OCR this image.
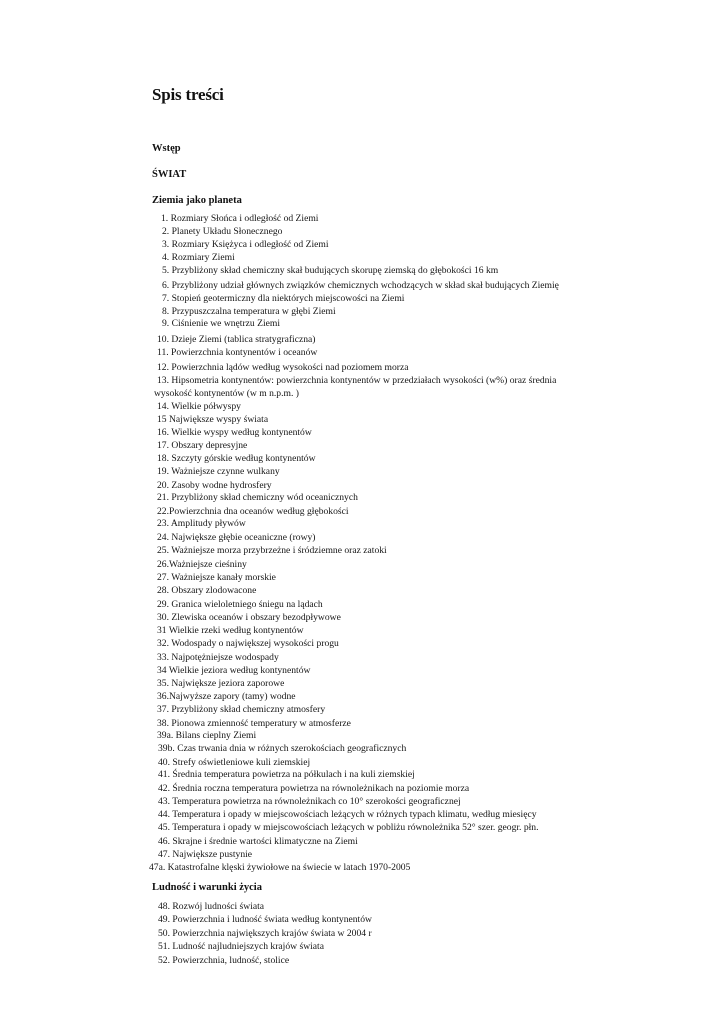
Spis treści
Wstęp
ŚWIAT
Ziemia jako planeta
1. Rozmiary Słońca i odległość od Ziemi
2. Planety Układu Słonecznego
3. Rozmiary Księżyca i odległość od Ziemi
4. Rozmiary Ziemi
5. Przybliżony skład chemiczny skał budujących skorupę ziemską do głębokości 16 km
6. Przybliżony udział głównych związków chemicznych wchodzących w skład skał budujących Ziemię
7. Stopień geotermiczny dla niektórych miejscowości na Ziemi
8. Przypuszczalna temperatura w głębi Ziemi
9. Ciśnienie we wnętrzu Ziemi
10. Dzieje Ziemi (tablica stratygraficzna)
11. Powierzchnia kontynentów i oceanów
12. Powierzchnia lądów według wysokości nad poziomem morza
13. Hipsometria kontynentów: powierzchnia kontynentów w przedziałach wysokości (w%) oraz średnia
wysokość kontynentów (w m n.p.m. )
14. Wielkie półwyspy
15 Największe wyspy świata
16. Wielkie wyspy według kontynentów
17. Obszary depresyjne
18. Szczyty górskie według kontynentów
19. Ważniejsze czynne wulkany
20. Zasoby wodne hydrosfery
21. Przybliżony skład chemiczny wód oceanicznych
22.Powierzchnia dna oceanów według głębokości
23. Amplitudy pływów
24. Największe głębie oceaniczne (rowy)
25. Ważniejsze morza przybrzeżne i śródziemne oraz zatoki
26.Ważniejsze cieśniny
27. Ważniejsze kanały morskie
28. Obszary zlodowacone
29. Granica wieloletniego śniegu na lądach
30. Zlewiska oceanów i obszary bezodpływowe
31 Wielkie rzeki według kontynentów
32. Wodospady o największej wysokości progu
33. Najpotężniejsze wodospady
34 Wielkie jeziora według kontynentów
35. Największe jeziora zaporowe
36.Najwyższe zapory (tamy) wodne
37. Przybliżony skład chemiczny atmosfery
38. Pionowa zmienność temperatury w atmosferze
39a. Bilans cieplny Ziemi
39b. Czas trwania dnia w różnych szerokościach geograficznych
40. Strefy oświetleniowe kuli ziemskiej
41. Średnia temperatura powietrza na półkulach i na kuli ziemskiej
42. Średnia roczna temperatura powietrza na równoleżnikach na poziomie morza
43. Temperatura powietrza na równoleżnikach co 10° szerokości geograficznej
44. Temperatura i opady w miejscowościach leżących w różnych typach klimatu, według miesięcy
45. Temperatura i opady w miejscowościach leżących w pobliżu równoleżnika 52° szer. geogr. płn.
46. Skrajne i średnie wartości klimatyczne na Ziemi
47. Największe pustynie
47a. Katastrofalne klęski żywiołowe na świecie w latach 1970-2005
Ludność i warunki życia
48. Rozwój ludności świata
49. Powierzchnia i ludność świata według kontynentów
50. Powierzchnia największych krajów świata w 2004 r
51. Ludność najludniejszych krajów świata
52. Powierzchnia, ludność, stolice
